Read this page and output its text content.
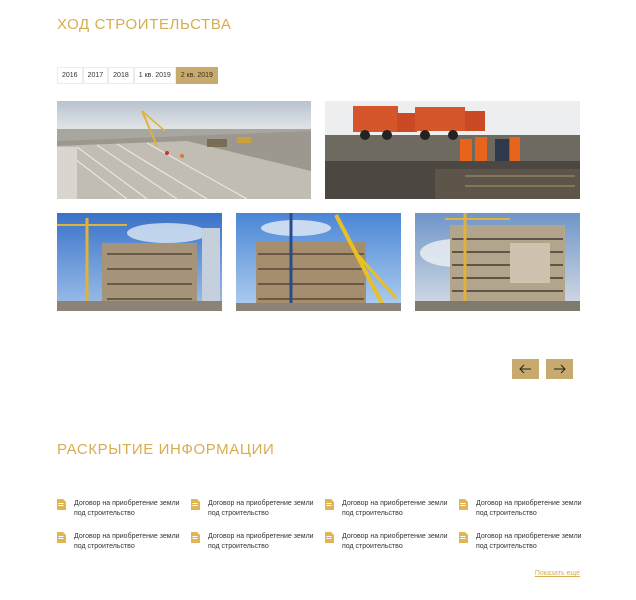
ХОД СТРОИТЕЛЬСТВА
2016	2017	2018	1 кв. 2019	2 кв. 2019
РАСКРЫТИЕ ИНФОРМАЦИИ
Договор на приобретение земли под строительство
Договор на приобретение земли под строительство
Договор на приобретение земли под строительство
Договор на приобретение земли под строительство
Договор на приобретение земли под строительство
Договор на приобретение земли под строительство
Договор на приобретение земли под строительство
Договор на приобретение земли под строительство
Показать еще
